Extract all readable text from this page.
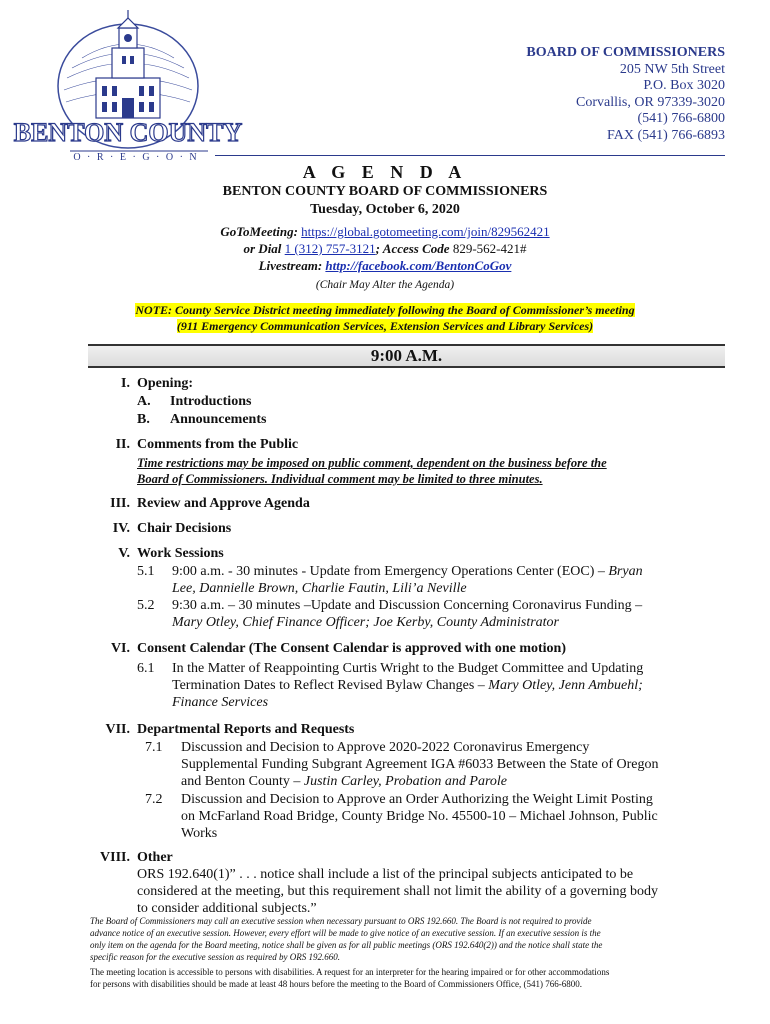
BENTON COUNTY
O · R · E · G · O · N
BOARD OF COMMISSIONERS
205 NW 5th Street
P.O. Box 3020
Corvallis, OR 97339-3020
(541) 766-6800
FAX (541) 766-6893
A G E N D A
BENTON COUNTY BOARD OF COMMISSIONERS
Tuesday, October 6, 2020
GoToMeeting: https://global.gotomeeting.com/join/829562421
or Dial 1 (312) 757-3121; Access Code 829-562-421#
Livestream: http://facebook.com/BentonCoGov
(Chair May Alter the Agenda)
NOTE: County Service District meeting immediately following the Board of Commissioner’s meeting
(911 Emergency Communication Services, Extension Services and Library Services)
9:00 A.M.
I. Opening:
A. Introductions
B. Announcements
II. Comments from the Public
Time restrictions may be imposed on public comment, dependent on the business before the
Board of Commissioners. Individual comment may be limited to three minutes.
III. Review and Approve Agenda
IV. Chair Decisions
V. Work Sessions
5.1 9:00 a.m. - 30 minutes - Update from Emergency Operations Center (EOC) – Bryan
Lee, Dannielle Brown, Charlie Fautin, Lili’a Neville
5.2 9:30 a.m. – 30 minutes –Update and Discussion Concerning Coronavirus Funding –
Mary Otley, Chief Finance Officer; Joe Kerby, County Administrator
VI. Consent Calendar (The Consent Calendar is approved with one motion)
6.1 In the Matter of Reappointing Curtis Wright to the Budget Committee and Updating
Termination Dates to Reflect Revised Bylaw Changes – Mary Otley, Jenn Ambuehl;
Finance Services
VII. Departmental Reports and Requests
7.1 Discussion and Decision to Approve 2020-2022 Coronavirus Emergency
Supplemental Funding Subgrant Agreement IGA #6033 Between the State of Oregon
and Benton County – Justin Carley, Probation and Parole
7.2 Discussion and Decision to Approve an Order Authorizing the Weight Limit Posting
on McFarland Road Bridge, County Bridge No. 45500-10 – Michael Johnson, Public
Works
VIII. Other
ORS 192.640(1)” . . . notice shall include a list of the principal subjects anticipated to be
considered at the meeting, but this requirement shall not limit the ability of a governing body
to consider additional subjects.”
The Board of Commissioners may call an executive session when necessary pursuant to ORS 192.660. The Board is not required to provide
advance notice of an executive session. However, every effort will be made to give notice of an executive session. If an executive session is the
only item on the agenda for the Board meeting, notice shall be given as for all public meetings (ORS 192.640(2)) and the notice shall state the
specific reason for the executive session as required by ORS 192.660.
The meeting location is accessible to persons with disabilities. A request for an interpreter for the hearing impaired or for other accommodations
for persons with disabilities should be made at least 48 hours before the meeting to the Board of Commissioners Office, (541) 766-6800.
